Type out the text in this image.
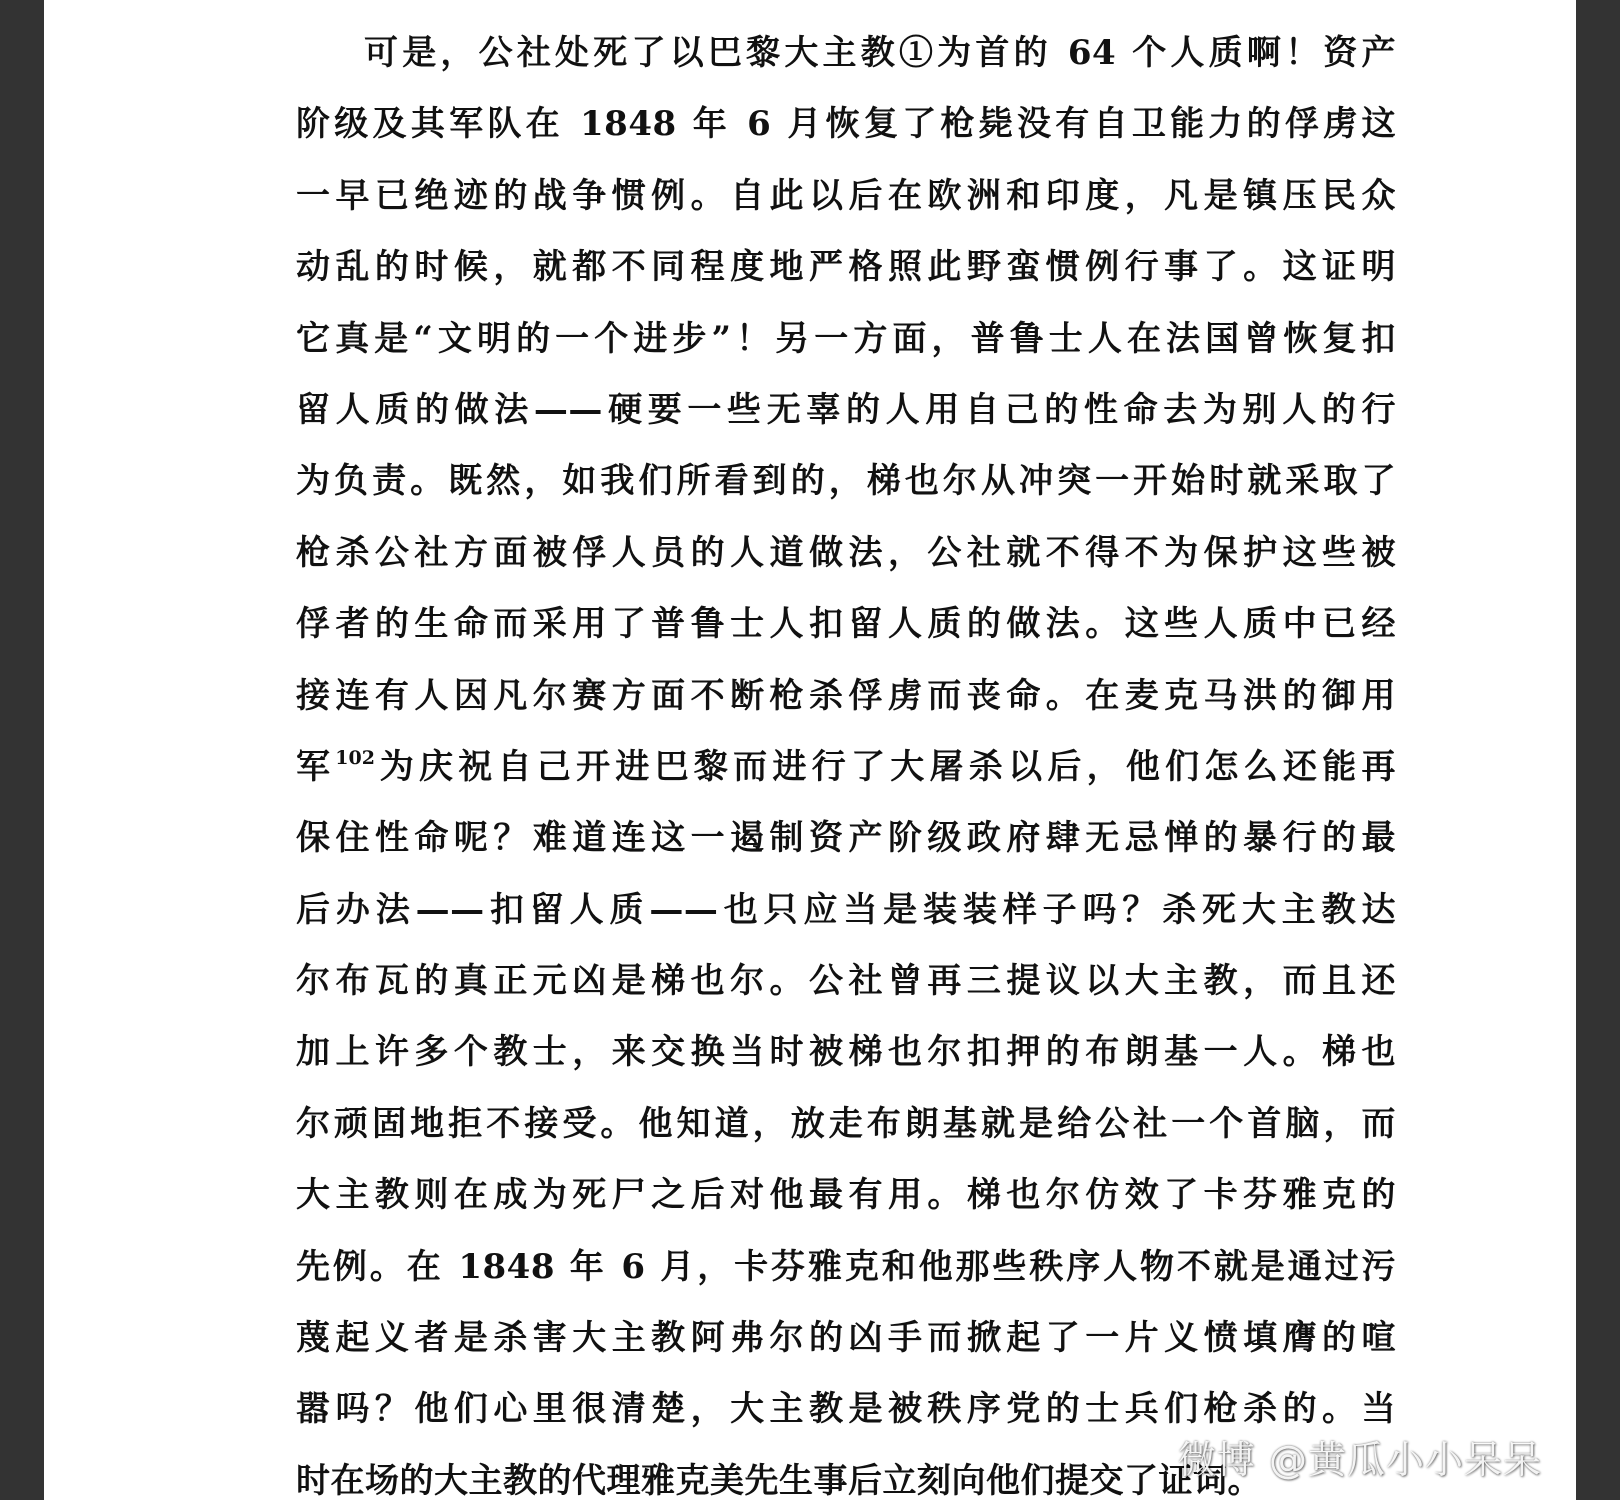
可是，公社处死了以巴黎大主教①为首的 64 个人质啊！资产
阶级及其军队在 1848 年 6 月恢复了枪毙没有自卫能力的俘虏这
一早已绝迹的战争惯例。自此以后在欧洲和印度，凡是镇压民众
动乱的时候，就都不同程度地严格照此野蛮惯例行事了。这证明
它真是“文明的一个进步”！另一方面，普鲁士人在法国曾恢复扣
留人质的做法——硬要一些无辜的人用自己的性命去为别人的行
为负责。既然，如我们所看到的，梯也尔从冲突一开始时就采取了
枪杀公社方面被俘人员的人道做法，公社就不得不为保护这些被
俘者的生命而采用了普鲁士人扣留人质的做法。这些人质中已经
接连有人因凡尔赛方面不断枪杀俘虏而丧命。在麦克马洪的御用
军$^{102}$为庆祝自己开进巴黎而进行了大屠杀以后，他们怎么还能再
保住性命呢？难道连这一遏制资产阶级政府肆无忌惮的暴行的最
后办法——扣留人质——也只应当是装装样子吗？杀死大主教达
尔布瓦的真正元凶是梯也尔。公社曾再三提议以大主教，而且还
加上许多个教士，来交换当时被梯也尔扣押的布朗基一人。梯也
尔顽固地拒不接受。他知道，放走布朗基就是给公社一个首脑，而
大主教则在成为死尸之后对他最有用。梯也尔仿效了卡芬雅克的
先例。在 1848 年 6 月，卡芬雅克和他那些秩序人物不就是通过污
蔑起义者是杀害大主教阿弗尔的凶手而掀起了一片义愤填膺的喧
嚣吗？他们心里很清楚，大主教是被秩序党的士兵们枪杀的。当
时在场的大主教的代理雅克美先生事后立刻向他们提交了证词。
微博 @黄瓜小小呆呆
